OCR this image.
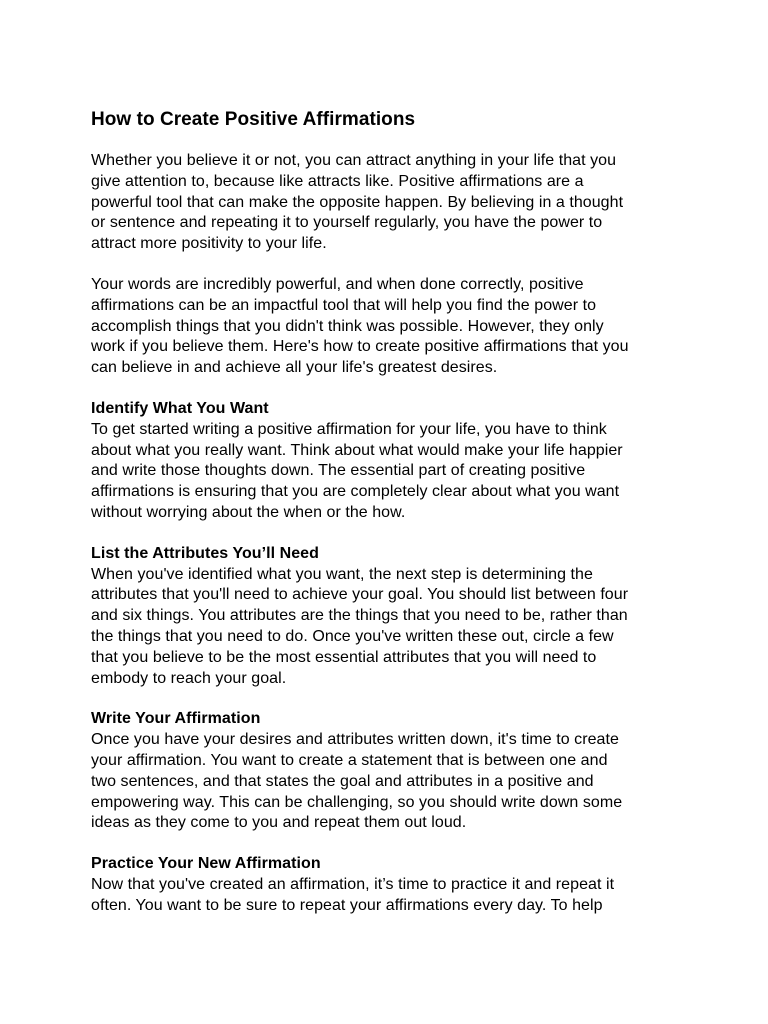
How to Create Positive Affirmations

Whether you believe it or not, you can attract anything in your life that you
give attention to, because like attracts like. Positive affirmations are a
powerful tool that can make the opposite happen. By believing in a thought
or sentence and repeating it to yourself regularly, you have the power to
attract more positivity to your life.

Your words are incredibly powerful, and when done correctly, positive
affirmations can be an impactful tool that will help you find the power to
accomplish things that you didn't think was possible. However, they only
work if you believe them. Here's how to create positive affirmations that you
can believe in and achieve all your life's greatest desires.

Identify What You Want

To get started writing a positive affirmation for your life, you have to think
about what you really want. Think about what would make your life happier
and write those thoughts down. The essential part of creating positive
affirmations is ensuring that you are completely clear about what you want
without worrying about the when or the how.

List the Attributes You’ll Need

When you've identified what you want, the next step is determining the
attributes that you'll need to achieve your goal. You should list between four
and six things. You attributes are the things that you need to be, rather than
the things that you need to do. Once you've written these out, circle a few
that you believe to be the most essential attributes that you will need to
embody to reach your goal.

Write Your Affirmation

Once you have your desires and attributes written down, it's time to create
your affirmation. You want to create a statement that is between one and
two sentences, and that states the goal and attributes in a positive and
empowering way. This can be challenging, so you should write down some
ideas as they come to you and repeat them out loud.

Practice Your New Affirmation

Now that you've created an affirmation, it’s time to practice it and repeat it
often. You want to be sure to repeat your affirmations every day. To help
